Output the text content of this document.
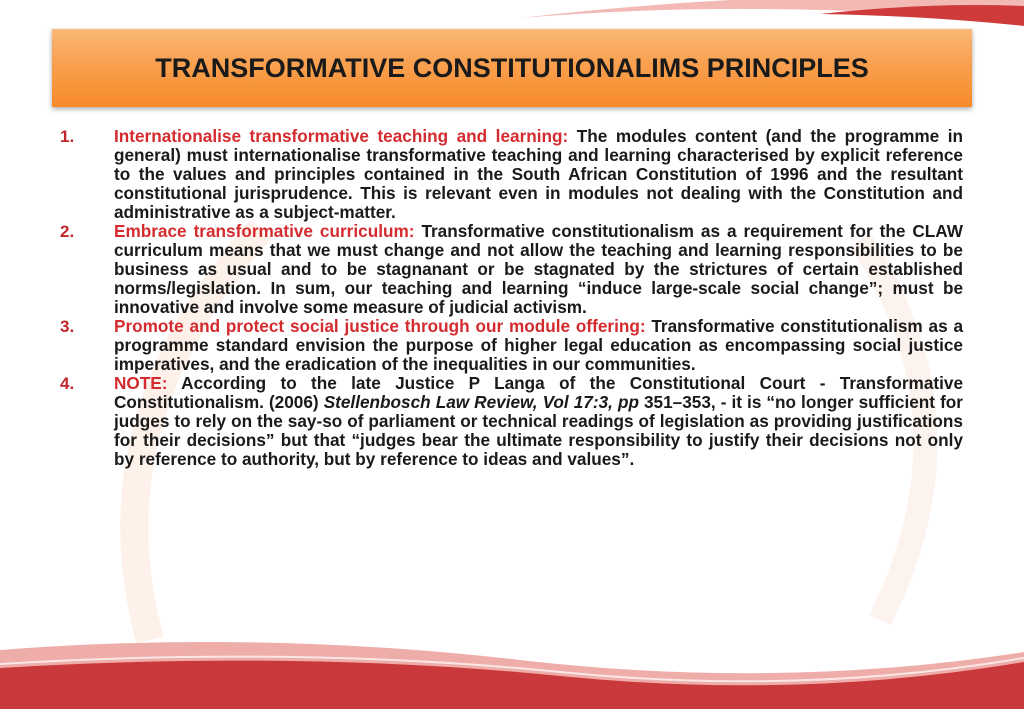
TRANSFORMATIVE CONSTITUTIONALIMS PRINCIPLES
1.	Internationalise transformative teaching and learning: The modules content (and the programme in general) must internationalise transformative teaching and learning characterised by explicit reference to the values and principles contained in the South African Constitution of 1996 and the resultant constitutional jurisprudence. This is relevant even in modules not dealing with the Constitution and administrative as a subject-matter.
2.	Embrace transformative curriculum: Transformative constitutionalism as a requirement for the CLAW curriculum means that we must change and not allow the teaching and learning responsibilities to be business as usual and to be stagnanant or be stagnated by the strictures of certain established norms/legislation. In sum, our teaching and learning “induce large-scale social change”; must be innovative and involve some measure of judicial activism.
3.	Promote and protect social justice through our module offering: Transformative constitutionalism as a programme standard envision the purpose of higher legal education as encompassing social justice imperatives, and the eradication of the inequalities in our communities.
4.	NOTE: According to the late Justice P Langa of the Constitutional Court - Transformative Constitutionalism. (2006) Stellenbosch Law Review, Vol 17:3, pp 351–353, - it is “no longer sufficient for judges to rely on the say-so of parliament or technical readings of legislation as providing justifications for their decisions” but that “judges bear the ultimate responsibility to justify their decisions not only by reference to authority, but by reference to ideas and values”.
